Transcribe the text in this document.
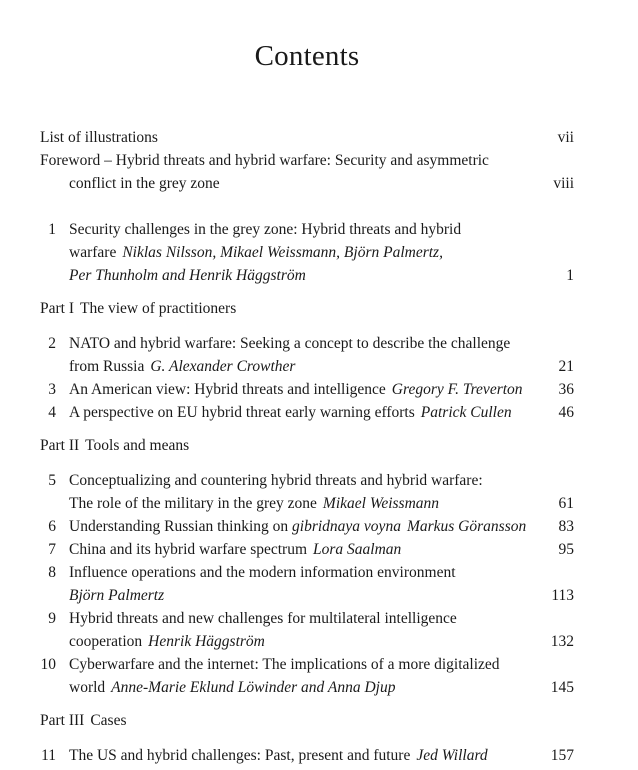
Contents
List of illustrations	vii
Foreword – Hybrid threats and hybrid warfare: Security and asymmetric
conflict in the grey zone	viii
1 Security challenges in the grey zone: Hybrid threats and hybrid
warfare Niklas Nilsson, Mikael Weissmann, Björn Palmertz,
Per Thunholm and Henrik Häggström	1
Part I The view of practitioners
2 NATO and hybrid warfare: Seeking a concept to describe the challenge
from Russia G. Alexander Crowther	21
3 An American view: Hybrid threats and intelligence Gregory F. Treverton	36
4 A perspective on EU hybrid threat early warning efforts Patrick Cullen	46
Part II Tools and means
5 Conceptualizing and countering hybrid threats and hybrid warfare:
The role of the military in the grey zone Mikael Weissmann	61
6 Understanding Russian thinking on gibridnaya voyna Markus Göransson	83
7 China and its hybrid warfare spectrum Lora Saalman	95
8 Influence operations and the modern information environment
Björn Palmertz	113
9 Hybrid threats and new challenges for multilateral intelligence
cooperation Henrik Häggström	132
10 Cyberwarfare and the internet: The implications of a more digitalized
world Anne-Marie Eklund Löwinder and Anna Djup	145
Part III Cases
11 The US and hybrid challenges: Past, present and future Jed Willard	157
